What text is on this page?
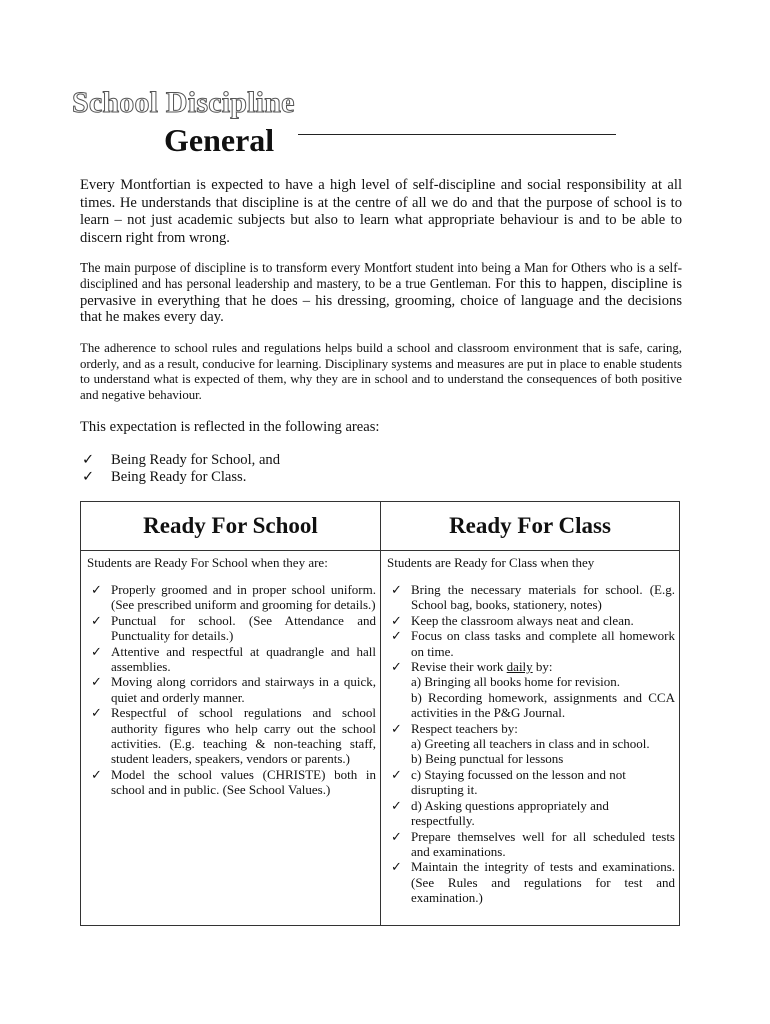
School Discipline
General

Every Montfortian is expected to have a high level of self-discipline and social responsibility at all times. He understands that discipline is at the centre of all we do and that the purpose of school is to learn – not just academic subjects but also to learn what appropriate behaviour is and to be able to discern right from wrong.

The main purpose of discipline is to transform every Montfort student into being a Man for Others who is a self-disciplined and has personal leadership and mastery, to be a true Gentleman. For this to happen, discipline is pervasive in everything that he does – his dressing, grooming, choice of language and the decisions that he makes every day.

The adherence to school rules and regulations helps build a school and classroom environment that is safe, caring, orderly, and as a result, conducive for learning. Disciplinary systems and measures are put in place to enable students to understand what is expected of them, why they are in school and to understand the consequences of both positive and negative behaviour.

This expectation is reflected in the following areas:

✓	Being Ready for School, and
✓	Being Ready for Class.
Ready For School
Students are Ready For School when they are:
✓ Properly groomed and in proper school uniform. (See prescribed uniform and grooming for details.)
✓ Punctual for school. (See Attendance and Punctuality for details.)
✓ Attentive and respectful at quadrangle and hall assemblies.
✓ Moving along corridors and stairways in a quick, quiet and orderly manner.
✓ Respectful of school regulations and school authority figures who help carry out the school activities. (E.g. teaching & non-teaching staff, student leaders, speakers, vendors or parents.)
✓ Model the school values (CHRISTE) both in school and in public. (See School Values.)
Ready For Class
Students are Ready for Class when they
✓ Bring the necessary materials for school. (E.g. School bag, books, stationery, notes)
✓ Keep the classroom always neat and clean.
✓ Focus on class tasks and complete all homework on time.
✓ Revise their work daily by:
a) Bringing all books home for revision.
b) Recording homework, assignments and CCA activities in the P&G Journal.
✓ Respect teachers by:
a) Greeting all teachers in class and in school.
b) Being punctual for lessons
✓ c) Staying focussed on the lesson and not disrupting it.
✓ d) Asking questions appropriately and respectfully.
✓ Prepare themselves well for all scheduled tests and examinations.
✓ Maintain the integrity of tests and examinations. (See Rules and regulations for test and examination.)
